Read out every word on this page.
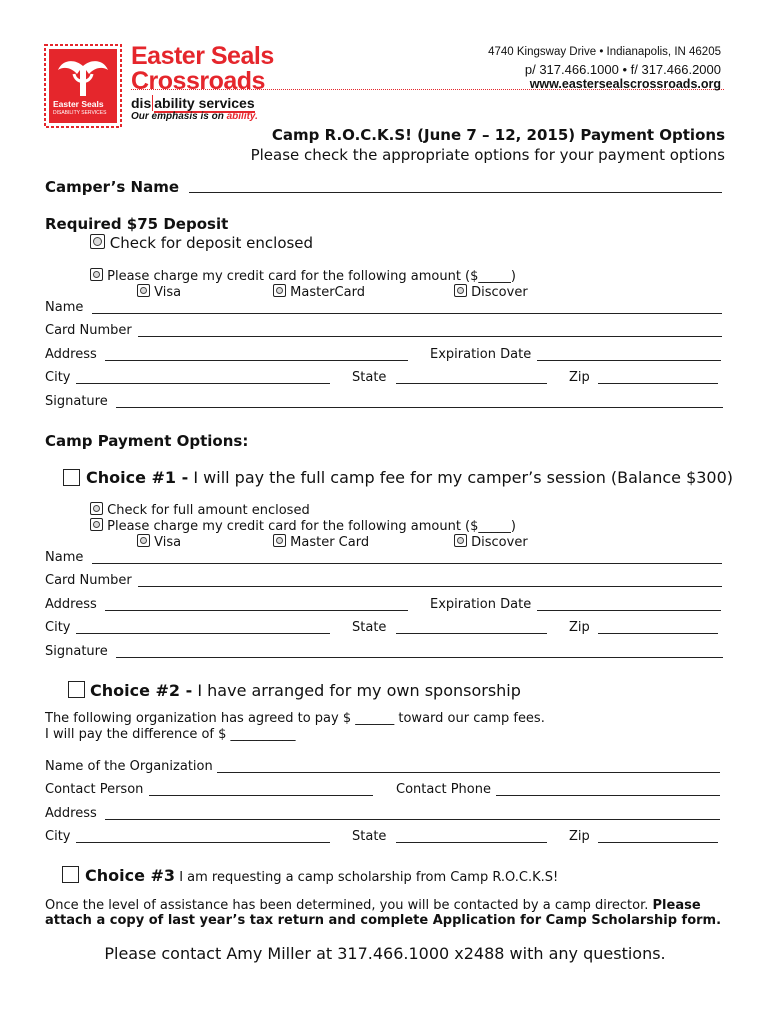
Easter Seals
DISABILITY SERVICES
Easter Seals
Crossroads
dis ability services
Our emphasis is on ability.
4740 Kingsway Drive • Indianapolis, IN 46205
p/ 317.466.1000 • f/ 317.466.2000
www.eastersealscrossroads.org
Camp R.O.C.K.S! (June 7 – 12, 2015) Payment Options
Please check the appropriate options for your payment options
Camper’s Name
Required $75 Deposit
Check for deposit enclosed
Please charge my credit card for the following amount ($_____)
Visa	MasterCard	Discover
Name
Card Number
Address	Expiration Date
City	State	Zip
Signature
Camp Payment Options:
Choice #1 - I will pay the full camp fee for my camper’s session (Balance $300)
Check for full amount enclosed
Please charge my credit card for the following amount ($_____)
Visa	Master Card	Discover
Name
Card Number
Address	Expiration Date
City	State	Zip
Signature
Choice #2 - I have arranged for my own sponsorship
The following organization has agreed to pay $ ______ toward our camp fees.
I will pay the difference of $ __________
Name of the Organization
Contact Person	Contact Phone
Address
City	State	Zip
Choice #3 I am requesting a camp scholarship from Camp R.O.C.K.S!
Once the level of assistance has been determined, you will be contacted by a camp director. Please
attach a copy of last year’s tax return and complete Application for Camp Scholarship form.
Please contact Amy Miller at 317.466.1000 x2488 with any questions.
